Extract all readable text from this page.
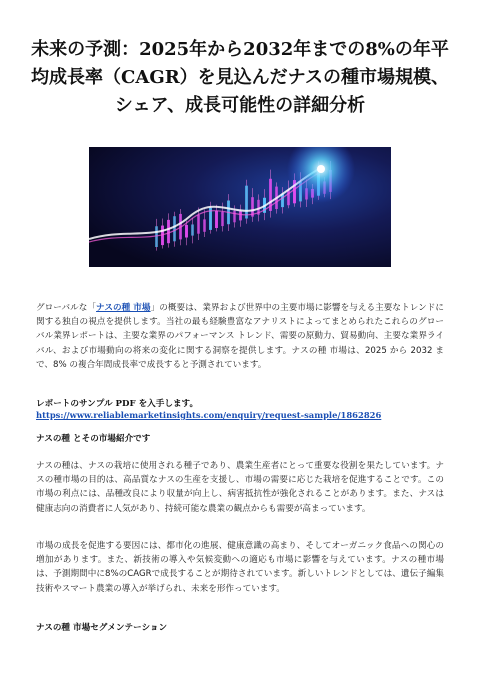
未来の予測：2025年から2032年までの8%の年平均成長率（CAGR）を見込んだナスの種市場規模、シェア、成長可能性の詳細分析

グローバルな「ナスの種 市場」の概要は、業界および世界中の主要市場に影響を与える主要なトレンドに関する独自の視点を提供します。当社の最も経験豊富なアナリストによってまとめられたこれらのグローバル業界レポートは、主要な業界のパフォーマンス トレンド、需要の原動力、貿易動向、主要な業界ライバル、および市場動向の将来の変化に関する洞察を提供します。ナスの種 市場は、2025 から 2032 まで、8% の複合年間成長率で成長すると予測されています。

レポートのサンプル PDF を入手します。

https://www.reliablemarketinsights.com/enquiry/request-sample/1862826

ナスの種 とその市場紹介です

ナスの種は、ナスの栽培に使用される種子であり、農業生産者にとって重要な役割を果たしています。ナスの種市場の目的は、高品質なナスの生産を支援し、市場の需要に応じた栽培を促進することです。この市場の利点には、品種改良により収量が向上し、病害抵抗性が強化されることがあります。また、ナスは健康志向の消費者に人気があり、持続可能な農業の観点からも需要が高まっています。

市場の成長を促進する要因には、都市化の進展、健康意識の高まり、そしてオーガニック食品への関心の増加があります。また、新技術の導入や気候変動への適応も市場に影響を与えています。ナスの種市場は、予測期間中に8%のCAGRで成長することが期待されています。新しいトレンドとしては、遺伝子編集技術やスマート農業の導入が挙げられ、未来を形作っています。

ナスの種 市場セグメンテーション
